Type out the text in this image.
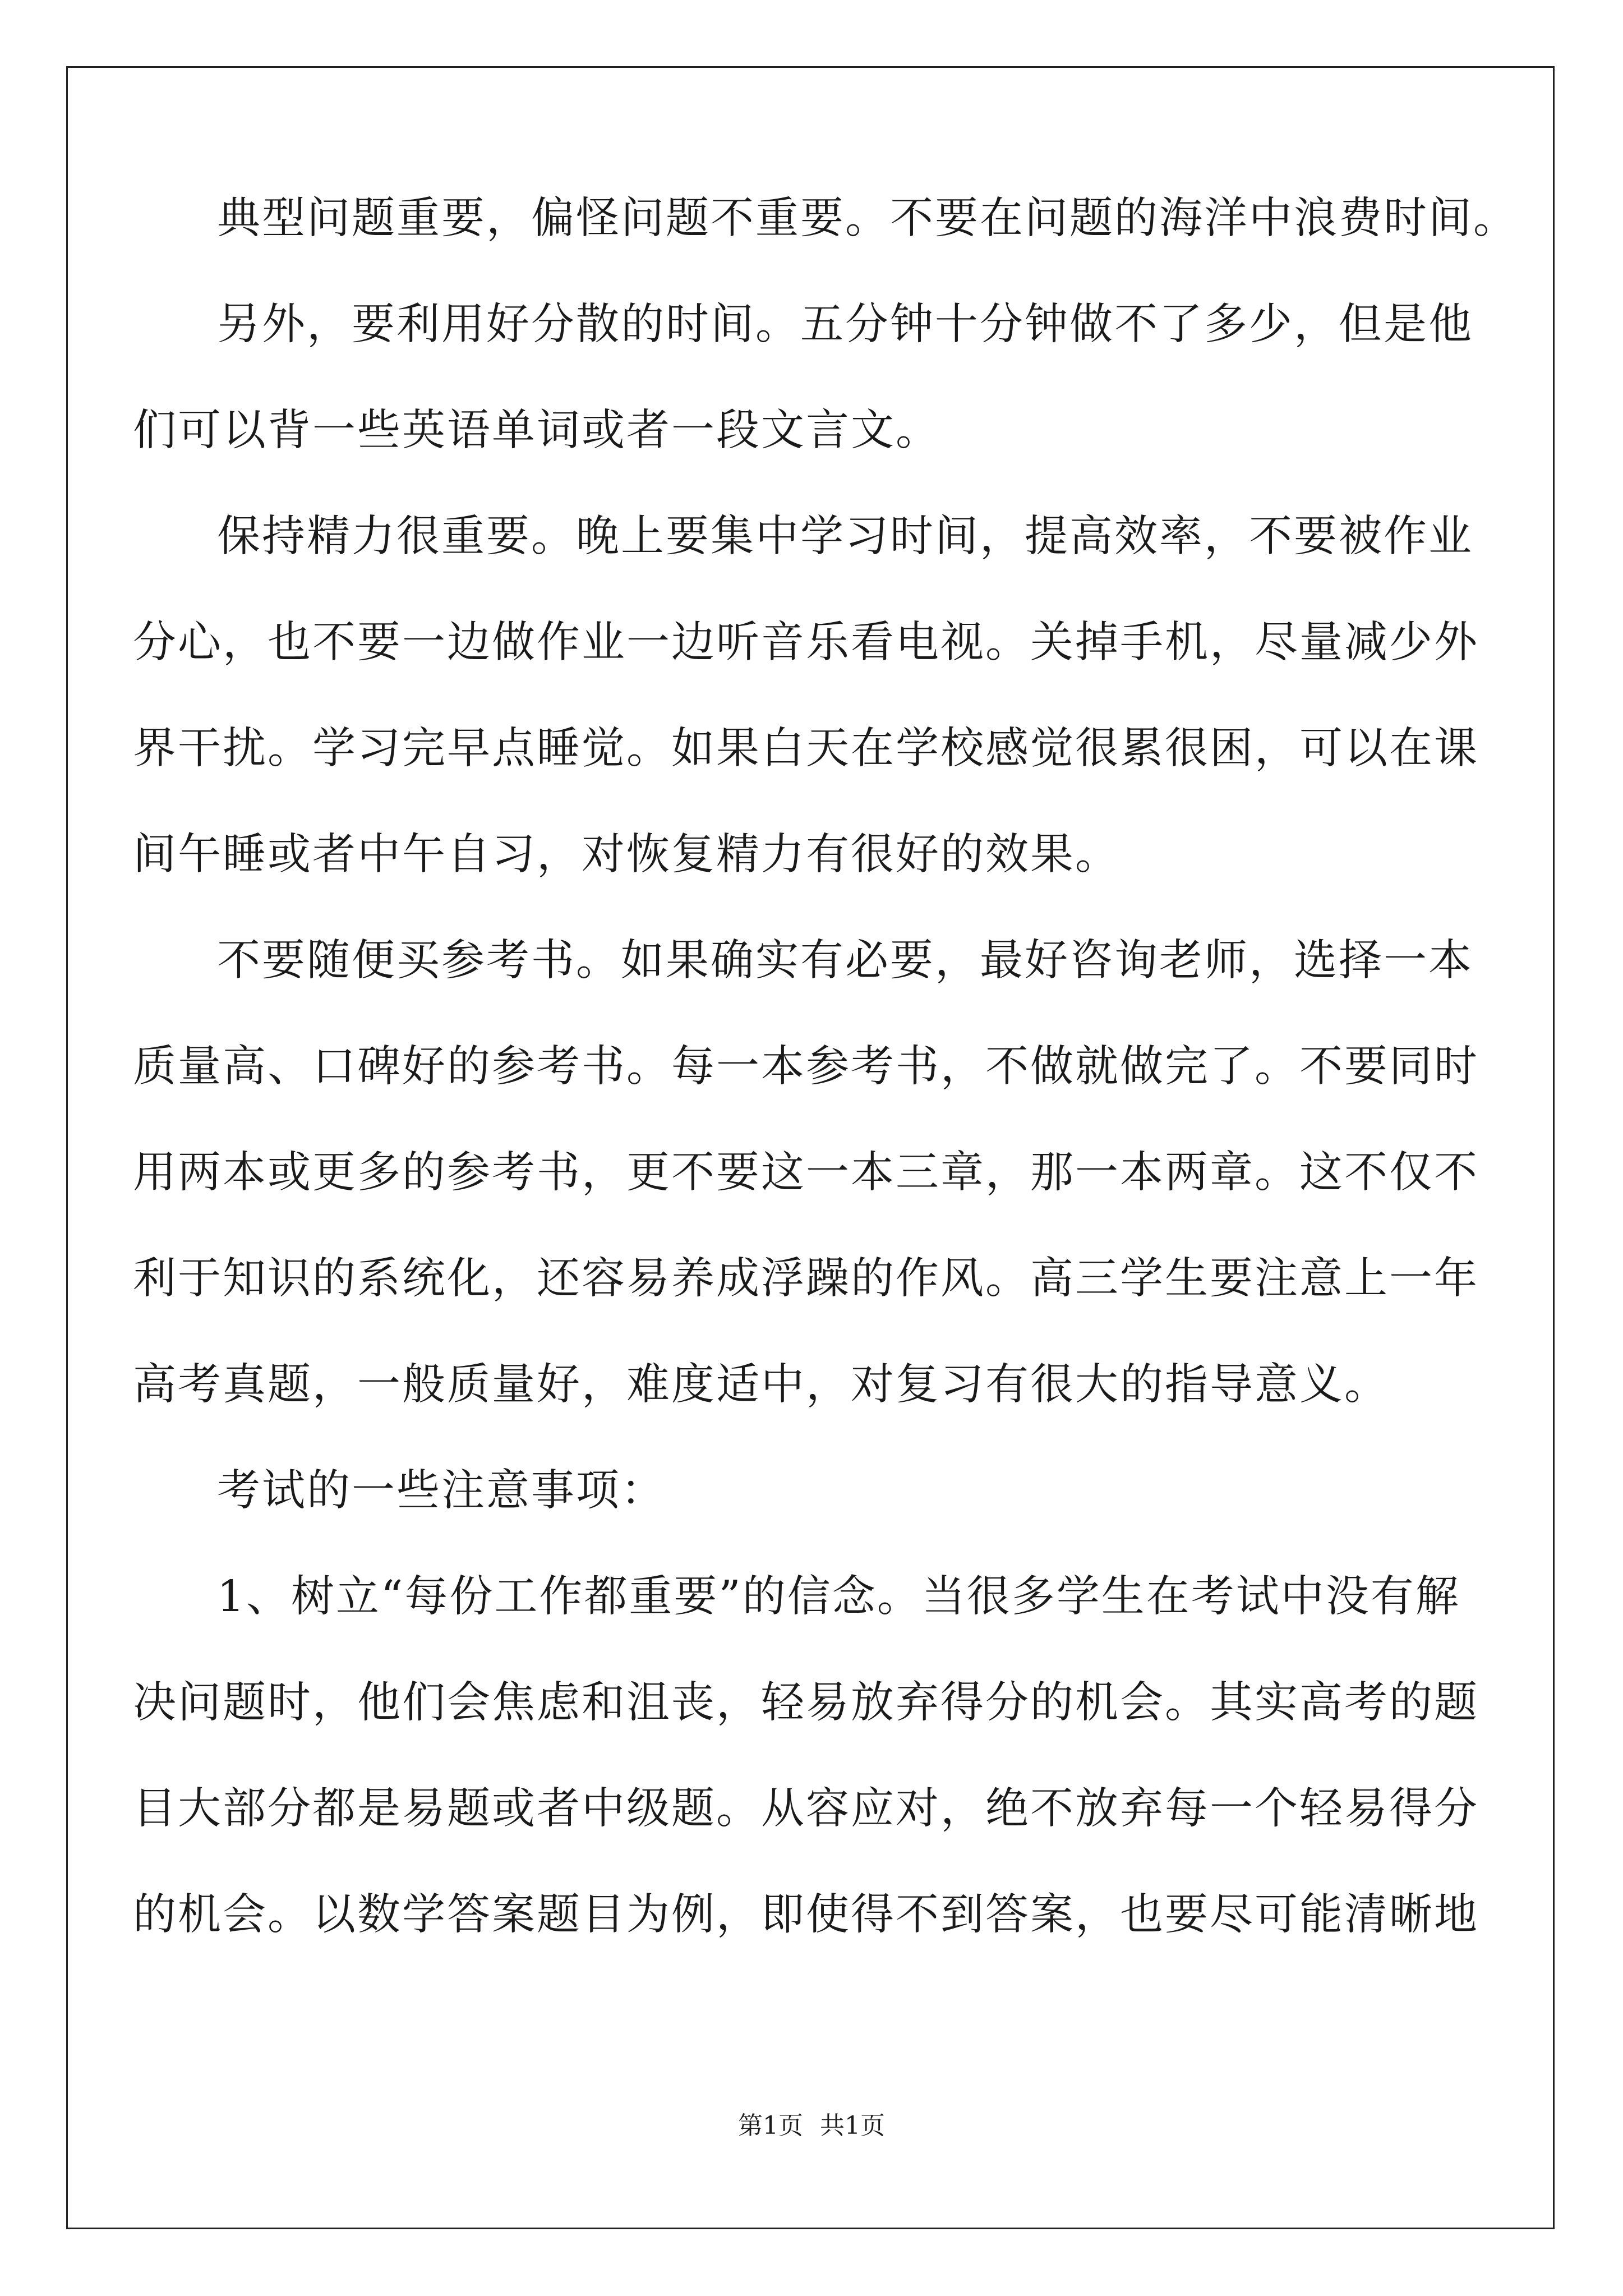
典型问题重要，偏怪问题不重要。不要在问题的海洋中浪费时间。
另外，要利用好分散的时间。五分钟十分钟做不了多少，但是他
们可以背一些英语单词或者一段文言文。
保持精力很重要。晚上要集中学习时间，提高效率，不要被作业
分心，也不要一边做作业一边听音乐看电视。关掉手机，尽量减少外
界干扰。学习完早点睡觉。如果白天在学校感觉很累很困，可以在课
间午睡或者中午自习，对恢复精力有很好的效果。
不要随便买参考书。如果确实有必要，最好咨询老师，选择一本
质量高、口碑好的参考书。每一本参考书，不做就做完了。不要同时
用两本或更多的参考书，更不要这一本三章，那一本两章。这不仅不
利于知识的系统化，还容易养成浮躁的作风。高三学生要注意上一年
高考真题，一般质量好，难度适中，对复习有很大的指导意义。
考试的一些注意事项：
1、树立“每份工作都重要”的信念。当很多学生在考试中没有解
决问题时，他们会焦虑和沮丧，轻易放弃得分的机会。其实高考的题
目大部分都是易题或者中级题。从容应对，绝不放弃每一个轻易得分
的机会。以数学答案题目为例，即使得不到答案，也要尽可能清晰地
第1页 共1页
